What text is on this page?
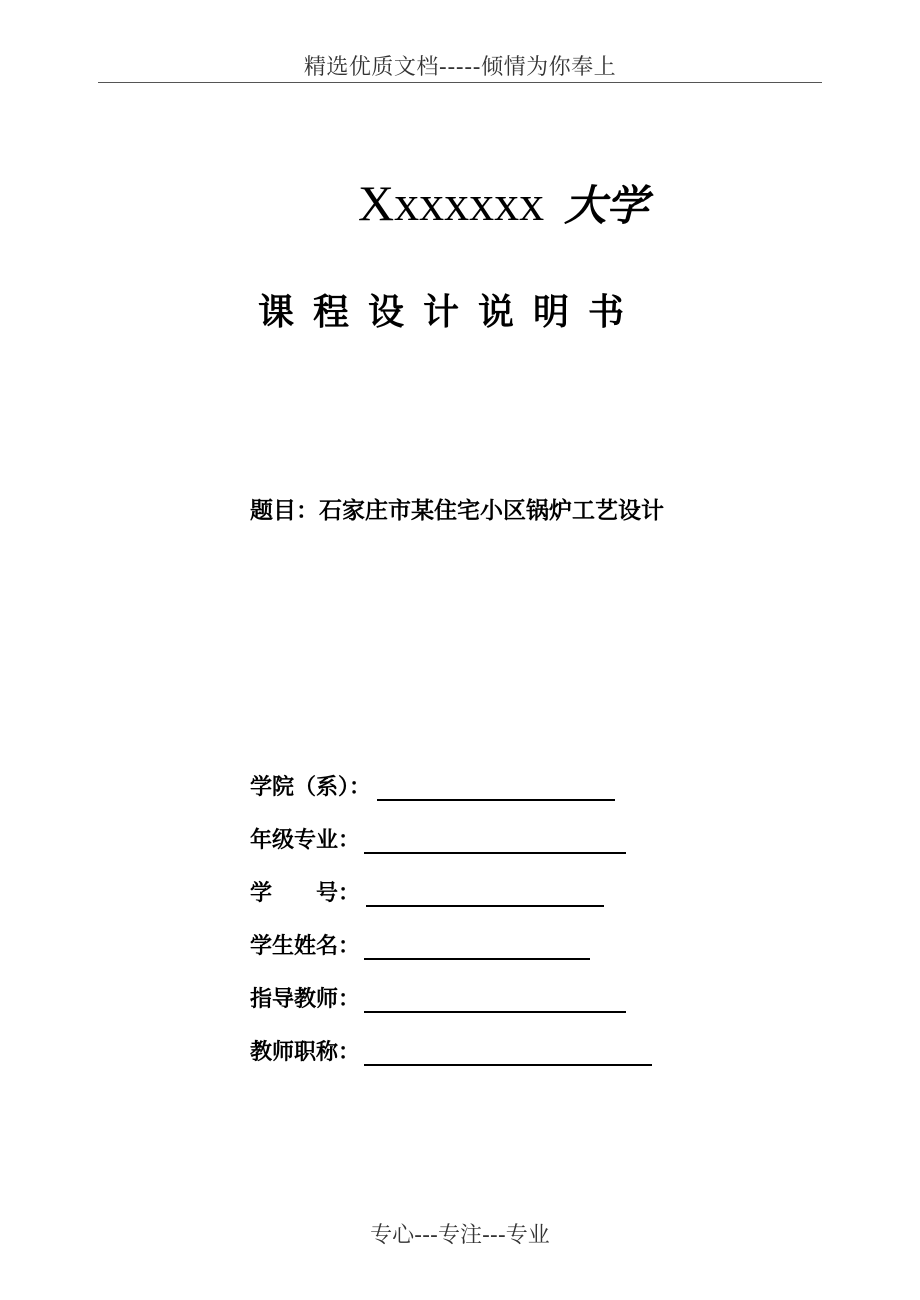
精选优质文档-----倾情为你奉上
Xxxxxxx 大学
课程设计说明书
题目：石家庄市某住宅小区锅炉工艺设计
学院（系）：
年级专业：
学　　号：
学生姓名：
指导教师：
教师职称：
专心---专注---专业
